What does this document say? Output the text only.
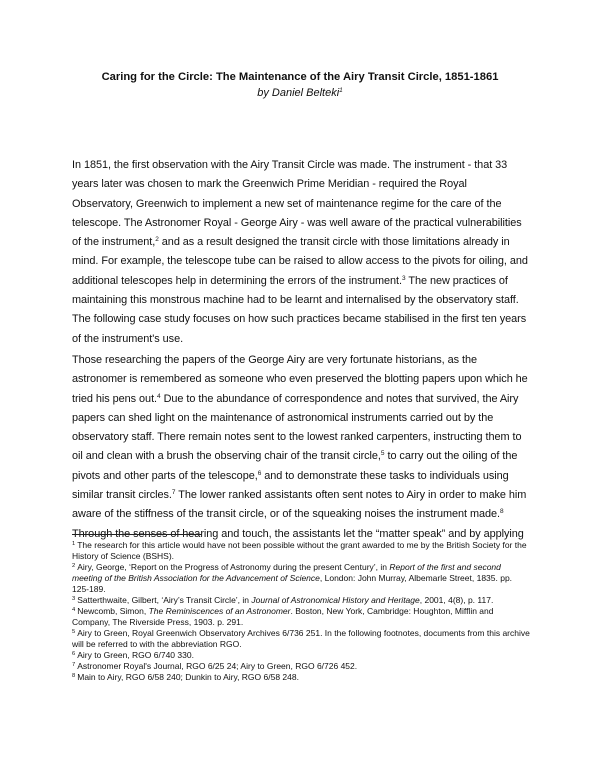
Caring for the Circle: The Maintenance of the Airy Transit Circle, 1851-1861
by Daniel Belteki$^1$
In 1851, the first observation with the Airy Transit Circle was made. The instrument - that 33 years later was chosen to mark the Greenwich Prime Meridian - required the Royal Observatory, Greenwich to implement a new set of maintenance regime for the care of the telescope. The Astronomer Royal - George Airy - was well aware of the practical vulnerabilities of the instrument,$^2$ and as a result designed the transit circle with those limitations already in mind. For example, the telescope tube can be raised to allow access to the pivots for oiling, and additional telescopes help in determining the errors of the instrument.$^3$ The new practices of maintaining this monstrous machine had to be learnt and internalised by the observatory staff. The following case study focuses on how such practices became stabilised in the first ten years of the instrument's use.
Those researching the papers of the George Airy are very fortunate historians, as the astronomer is remembered as someone who even preserved the blotting papers upon which he tried his pens out.$^4$ Due to the abundance of correspondence and notes that survived, the Airy papers can shed light on the maintenance of astronomical instruments carried out by the observatory staff. There remain notes sent to the lowest ranked carpenters, instructing them to oil and clean with a brush the observing chair of the transit circle,$^5$ to carry out the oiling of the pivots and other parts of the telescope,$^6$ and to demonstrate these tasks to individuals using similar transit circles.$^7$ The lower ranked assistants often sent notes to Airy in order to make him aware of the stiffness of the transit circle, or of the squeaking noises the instrument made.$^8$ Through the senses of hearing and touch, the assistants let the “matter speak” and by applying

$^1$ The research for this article would have not been possible without the grant awarded to me by the British Society for the History of Science (BSHS).

$^2$ Airy, George, ‘Report on the Progress of Astronomy during the present Century’, in Report of the first and second meeting of the British Association for the Advancement of Science, London: John Murray, Albemarle Street, 1835. pp. 125-189.

$^3$ Satterthwaite, Gilbert, ‘Airy’s Transit Circle’, in Journal of Astronomical History and Heritage, 2001, 4(8), p. 117.

$^4$ Newcomb, Simon, The Reminiscences of an Astronomer. Boston, New York, Cambridge: Houghton, Mifflin and Company, The Riverside Press, 1903. p. 291.

$^5$ Airy to Green, Royal Greenwich Observatory Archives 6/736 251. In the following footnotes, documents from this archive will be referred to with the abbreviation RGO.

$^6$ Airy to Green, RGO 6/740 330.

$^7$ Astronomer Royal's Journal, RGO 6/25 24; Airy to Green, RGO 6/726 452.

$^8$ Main to Airy, RGO 6/58 240; Dunkin to Airy, RGO 6/58 248.
